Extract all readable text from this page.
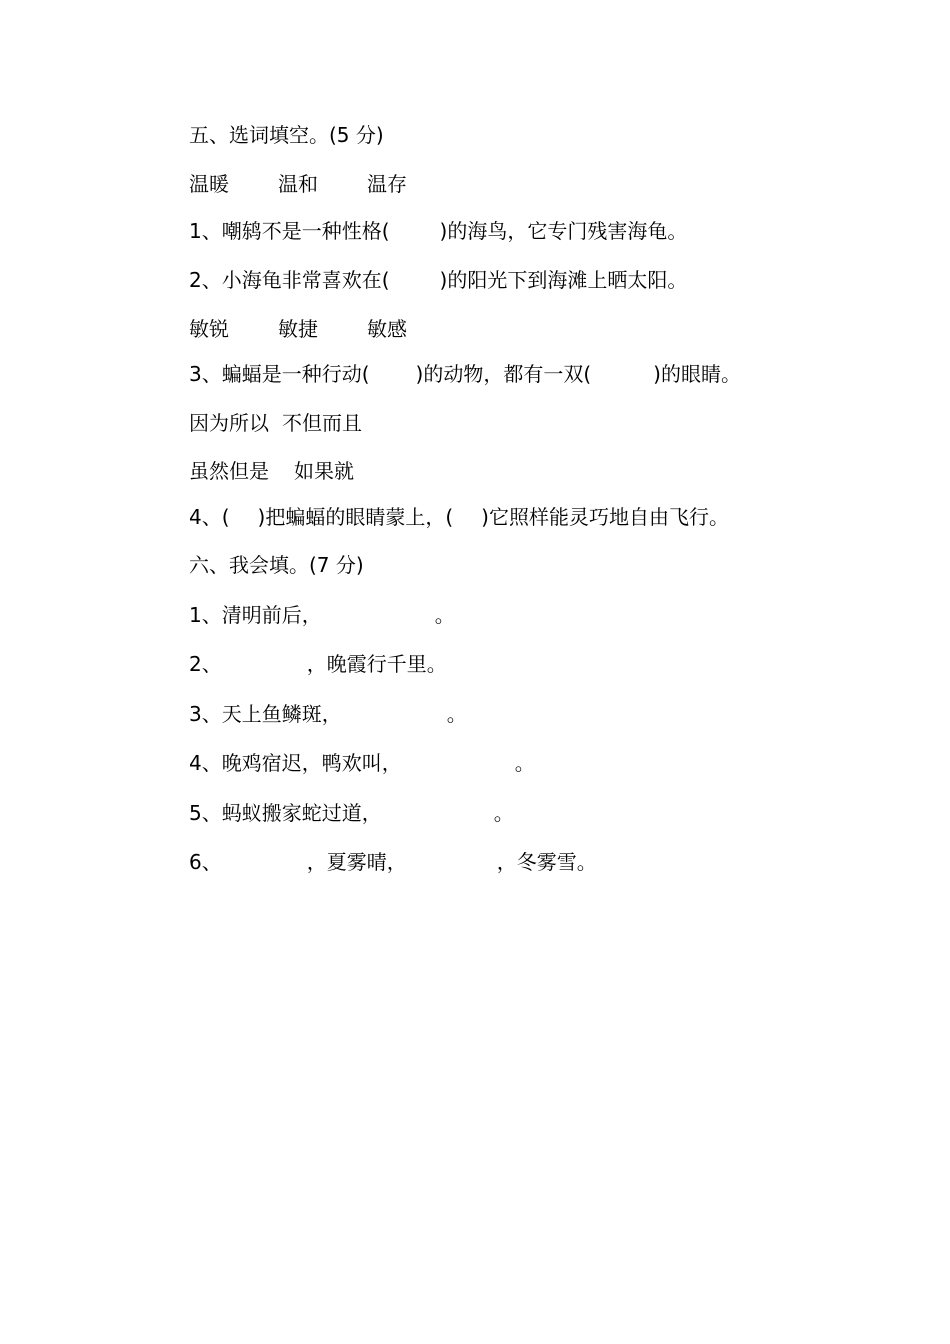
五、选词填空。(5 分)
温暖 温和 温存
1、嘲鸫不是一种性格(	)的海鸟，它专门残害海龟。
2、小海龟非常喜欢在(	)的阳光下到海滩上晒太阳。
敏锐 敏捷 敏感
3、蝙蝠是一种行动( )的动物，都有一双(	)的眼睛。
因为所以 不但而且
虽然但是 如果就
4、( )把蝙蝠的眼睛蒙上，( )它照样能灵巧地自由飞行。
六、我会填。(7 分)
1、清明前后，	。
2、	，晚霞行千里。
3、天上鱼鳞斑，	。
4、晚鸡宿迟，鸭欢叫，	。
5、蚂蚁搬家蛇过道，	。
6、	，夏雾晴，	，冬雾雪。
